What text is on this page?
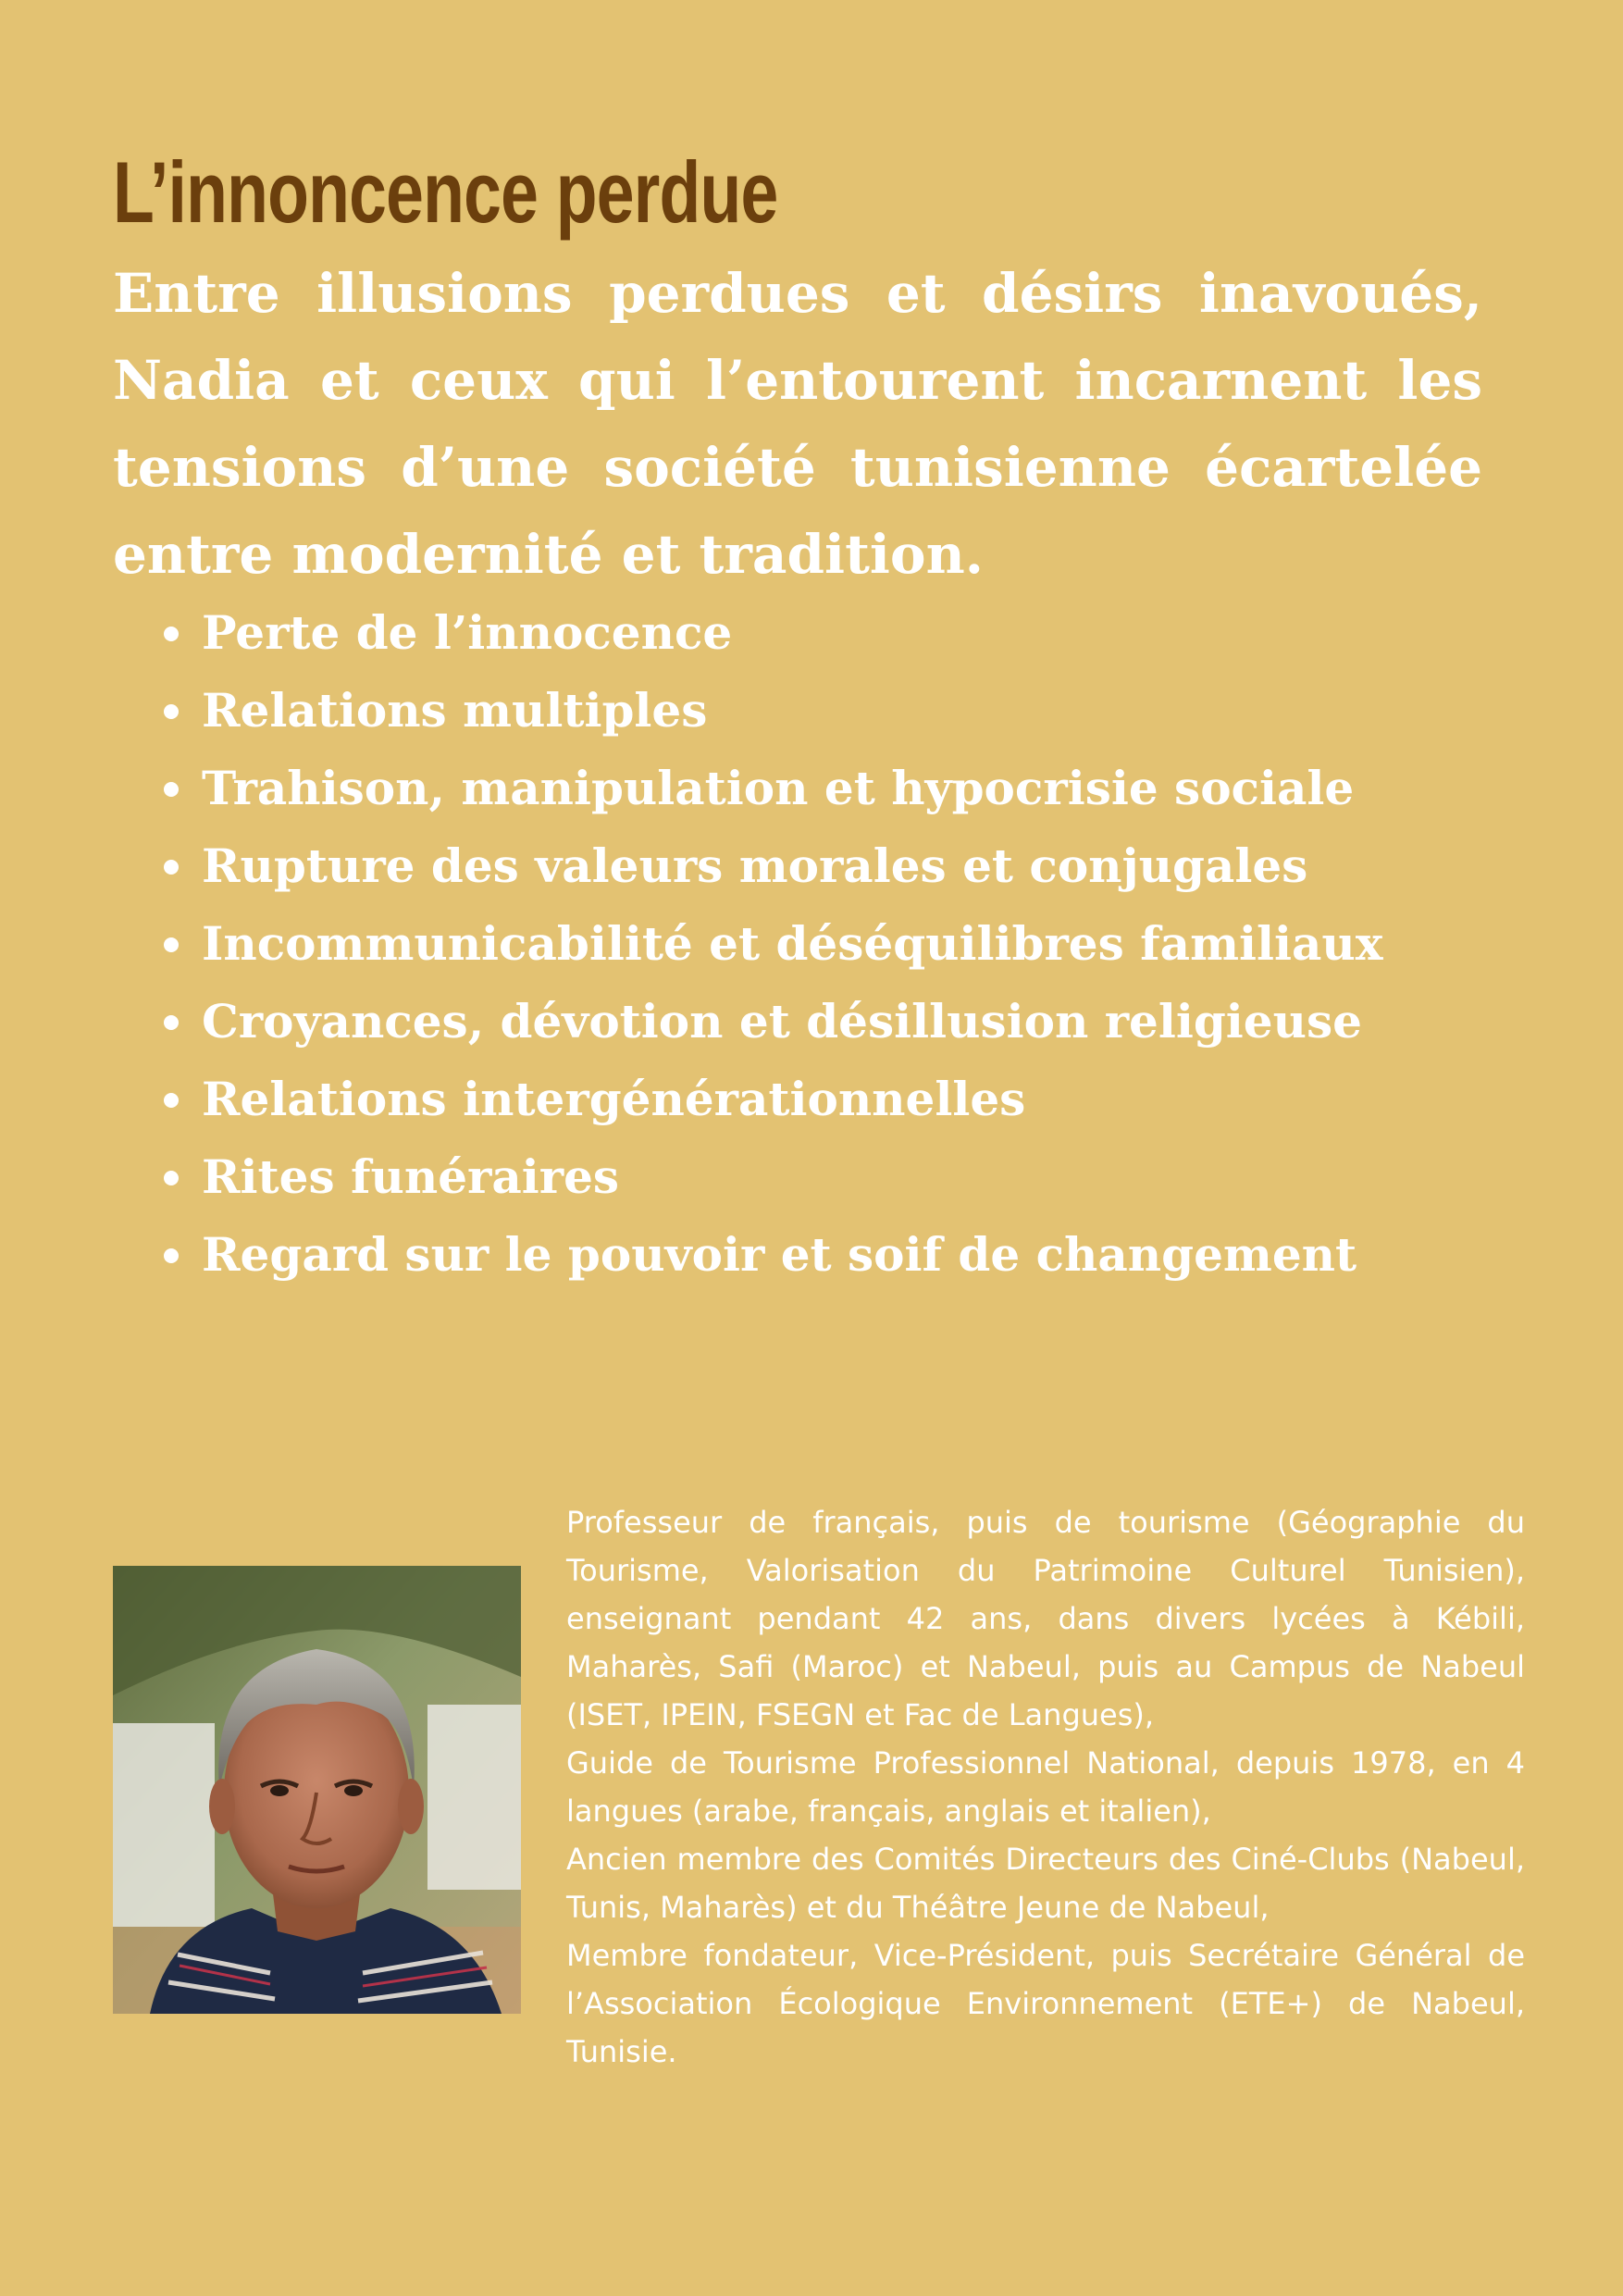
L’innoncence perdue

Entre illusions perdues et désirs inavoués, Nadia et ceux qui l’entourent incarnent les tensions d’une société tunisienne écartelée entre modernité et tradition.

Perte de l’innocence
Relations multiples
Trahison, manipulation et hypocrisie sociale
Rupture des valeurs morales et conjugales
Incommunicabilité et déséquilibres familiaux
Croyances, dévotion et désillusion religieuse
Relations intergénérationnelles
Rites funéraires
Regard sur le pouvoir et soif de changement
Professeur de français, puis de tourisme (Géographie du Tourisme, Valorisation du Patrimoine Culturel Tunisien), enseignant pendant 42 ans, dans divers lycées à Kébili, Maharès, Safi (Maroc) et Nabeul, puis au Campus de Nabeul (ISET, IPEIN, FSEGN et Fac de Langues),
Guide de Tourisme Professionnel National, depuis 1978, en 4 langues (arabe, français, anglais et italien),
Ancien membre des Comités Directeurs des Ciné-Clubs (Nabeul, Tunis, Maharès) et du Théâtre Jeune de Nabeul,
Membre fondateur, Vice-Président, puis Secrétaire Général de l’Association Écologique Environnement (ETE+) de Nabeul, Tunisie.
